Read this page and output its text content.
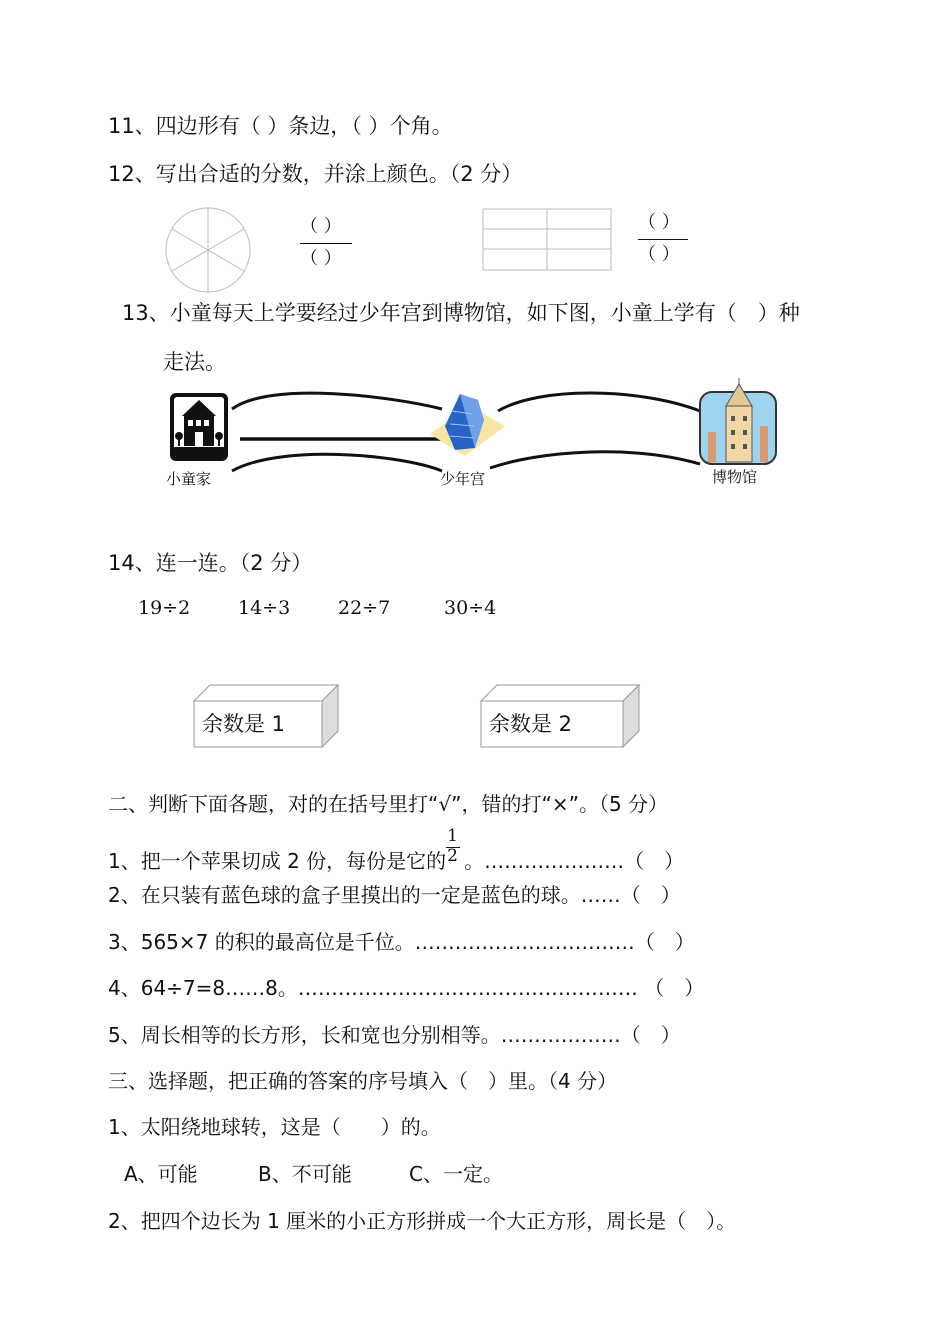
11、四边形有（ ）条边，（ ）个角。
12、写出合适的分数，并涂上颜色。（2 分）
（ ）
（ ）
（ ）
（ ）
13、小童每天上学要经过少年宫到博物馆，如下图，小童上学有（　）种
走法。
小童家	少年宫	博物馆
14、连一连。（2 分）
19÷2	14÷3	22÷7	30÷4
余数是 1	余数是 2
二、判断下面各题，对的在括号里打“√”，错的打“×”。（5 分）
1、把一个苹果切成 2 份，每份是它的 $\frac{1}{2}$ 。…………………（　）
2、在只装有蓝色球的盒子里摸出的一定是蓝色的球。……（　）
3、565×7 的积的最高位是千位。……………………………（　）
4、64÷7=8……8。…………………………………………… （　）
5、周长相等的长方形，长和宽也分别相等。………………（　）
三、选择题，把正确的答案的序号填入（　）里。（4 分）
1、太阳绕地球转，这是（　　）的。
A、可能	B、不可能	C、一定。
2、把四个边长为 1 厘米的小正方形拼成一个大正方形，周长是（　）。
